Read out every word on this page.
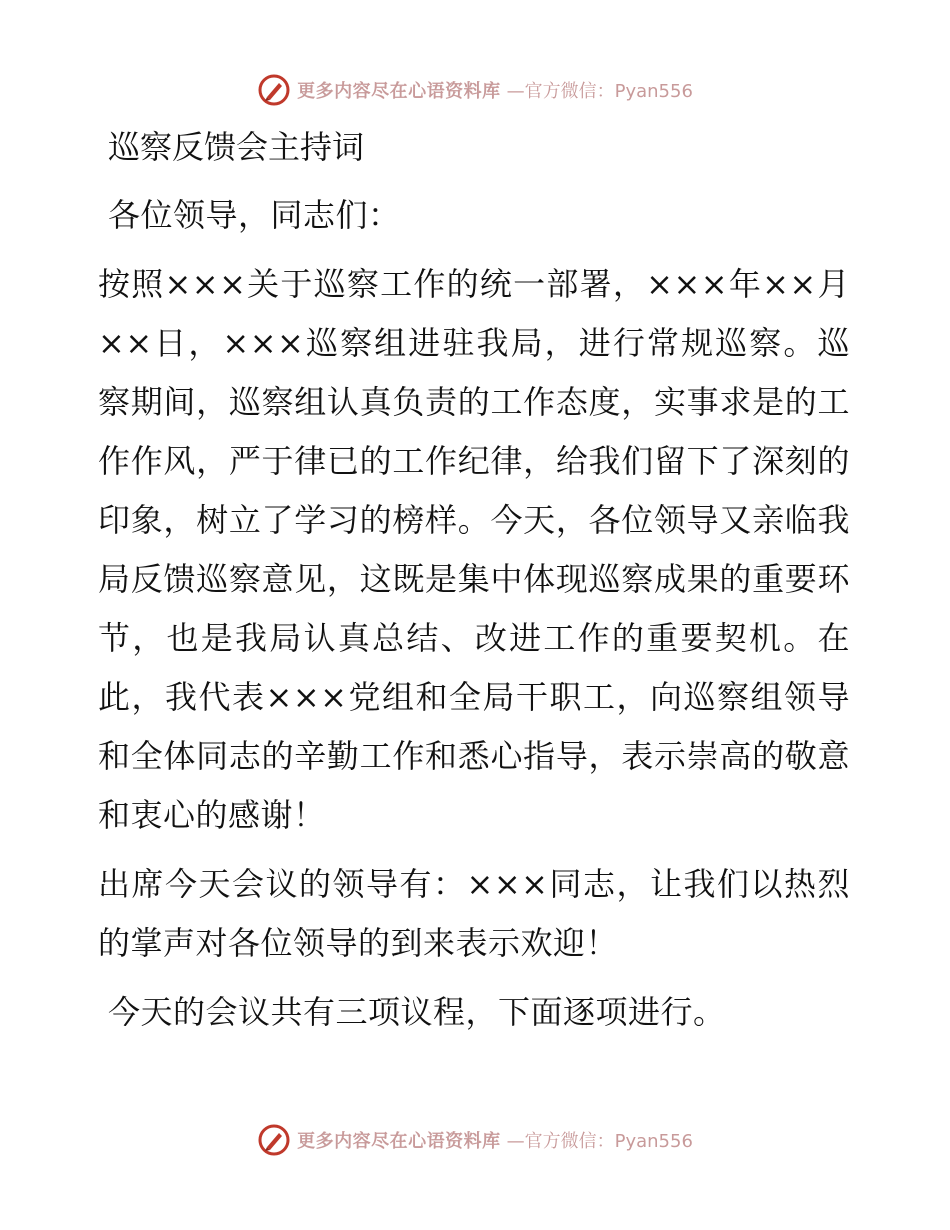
更多内容尽在心语资料库 —官方微信：Pyan556
巡察反馈会主持词

各位领导，同志们：

按照×××关于巡察工作的统一部署，×××年××月××日，×××巡察组进驻我局，进行常规巡察。巡察期间，巡察组认真负责的工作态度，实事求是的工作作风，严于律已的工作纪律，给我们留下了深刻的印象，树立了学习的榜样。今天，各位领导又亲临我局反馈巡察意见，这既是集中体现巡察成果的重要环节，也是我局认真总结、改进工作的重要契机。在此，我代表×××党组和全局干职工，向巡察组领导和全体同志的辛勤工作和悉心指导，表示崇高的敬意和衷心的感谢！

出席今天会议的领导有：×××同志，让我们以热烈的掌声对各位领导的到来表示欢迎！

今天的会议共有三项议程，下面逐项进行。

更多内容尽在心语资料库 —官方微信：Pyan556
